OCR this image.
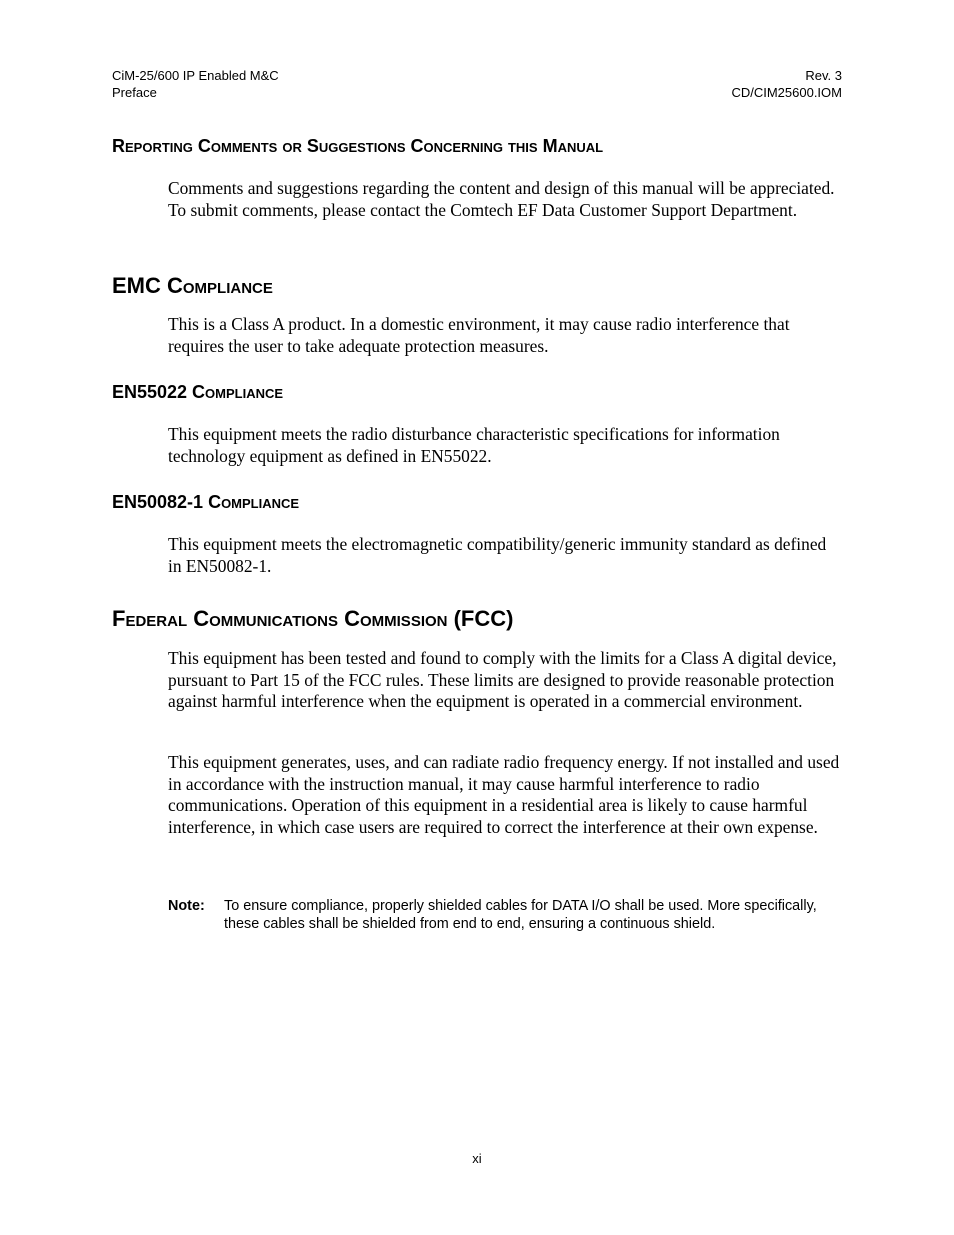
CiM-25/600 IP Enabled M&C
Preface
Rev. 3
CD/CIM25600.IOM
Reporting Comments or Suggestions Concerning this Manual

Comments and suggestions regarding the content and design of this manual will be appreciated. To submit comments, please contact the Comtech EF Data Customer Support Department.

EMC Compliance

This is a Class A product. In a domestic environment, it may cause radio interference that requires the user to take adequate protection measures.

EN55022 Compliance

This equipment meets the radio disturbance characteristic specifications for information technology equipment as defined in EN55022.

EN50082-1 Compliance

This equipment meets the electromagnetic compatibility/generic immunity standard as defined in EN50082-1.

Federal Communications Commission (FCC)

This equipment has been tested and found to comply with the limits for a Class A digital device, pursuant to Part 15 of the FCC rules. These limits are designed to provide reasonable protection against harmful interference when the equipment is operated in a commercial environment.

This equipment generates, uses, and can radiate radio frequency energy. If not installed and used in accordance with the instruction manual, it may cause harmful interference to radio communications. Operation of this equipment in a residential area is likely to cause harmful interference, in which case users are required to correct the interference at their own expense.

Note:	To ensure compliance, properly shielded cables for DATA I/O shall be used. More specifically, these cables shall be shielded from end to end, ensuring a continuous shield.
xi
